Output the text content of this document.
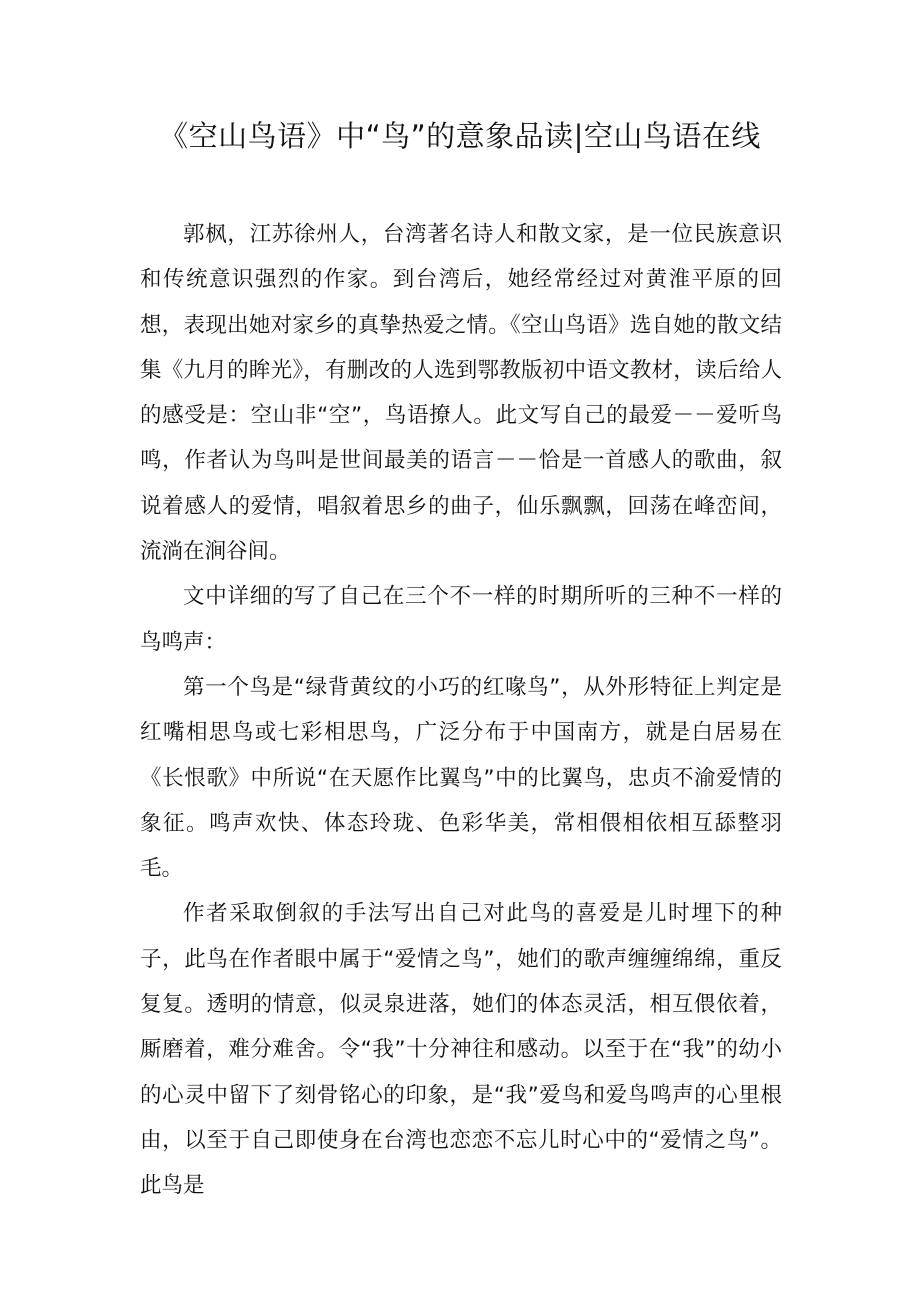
《空山鸟语》中“鸟”的意象品读|空山鸟语在线

郭枫，江苏徐州人，台湾著名诗人和散文家，是一位民族意识和传统意识强烈的作家。到台湾后，她经常经过对黄淮平原的回想，表现出她对家乡的真挚热爱之情。《空山鸟语》选自她的散文结集《九月的眸光》，有删改的人选到鄂教版初中语文教材，读后给人的感受是：空山非“空”，鸟语撩人。此文写自己的最爱－－爱听鸟鸣，作者认为鸟叫是世间最美的语言－－恰是一首感人的歌曲，叙说着感人的爱情，唱叙着思乡的曲子，仙乐飘飘，回荡在峰峦间，流淌在涧谷间。

文中详细的写了自己在三个不一样的时期所听的三种不一样的鸟鸣声：

第一个鸟是“绿背黄纹的小巧的红喙鸟”，从外形特征上判定是红嘴相思鸟或七彩相思鸟，广泛分布于中国南方，就是白居易在《长恨歌》中所说“在天愿作比翼鸟”中的比翼鸟，忠贞不渝爱情的象征。鸣声欢快、体态玲珑、色彩华美，常相偎相依相互舔整羽毛。

作者采取倒叙的手法写出自己对此鸟的喜爱是儿时埋下的种子，此鸟在作者眼中属于“爱情之鸟”，她们的歌声缠缠绵绵，重反复复。透明的情意，似灵泉进落，她们的体态灵活，相互偎依着，厮磨着，难分难舍。令“我”十分神往和感动。以至于在“我”的幼小的心灵中留下了刻骨铭心的印象，是“我”爱鸟和爱鸟鸣声的心里根由，以至于自己即使身在台湾也恋恋不忘儿时心中的“爱情之鸟”。此鸟是
